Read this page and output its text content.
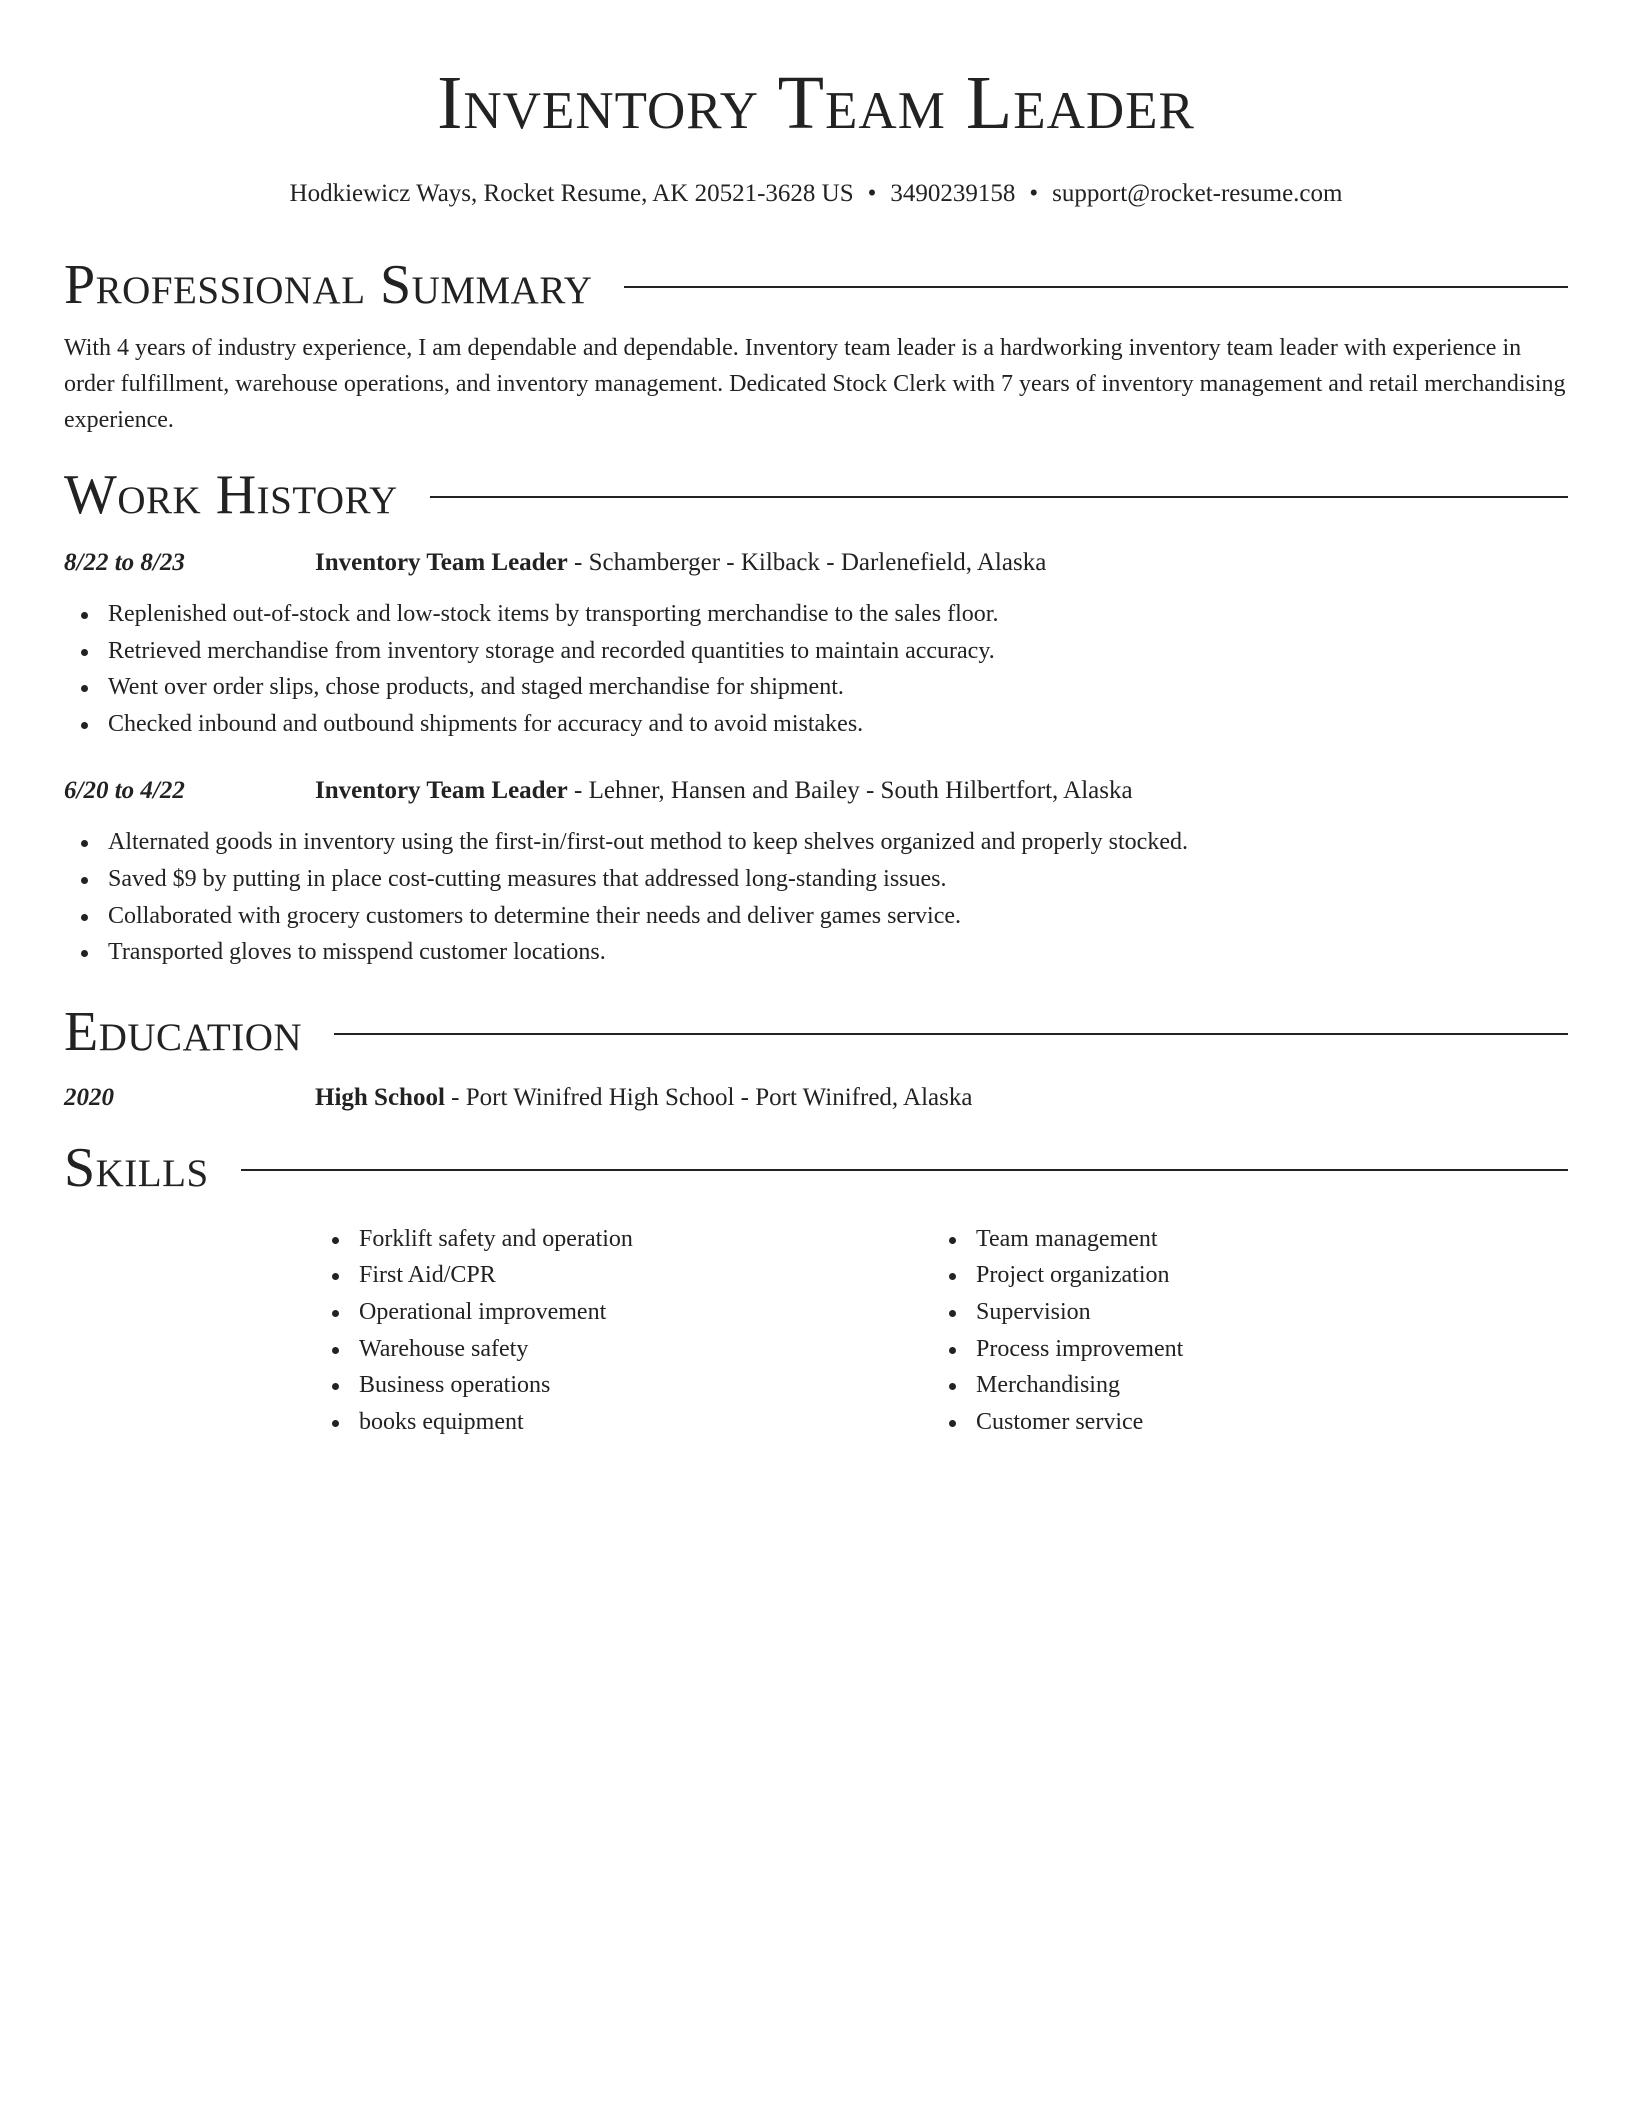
Inventory Team Leader
Hodkiewicz Ways, Rocket Resume, AK 20521-3628 US • 3490239158 • support@rocket-resume.com
Professional Summary

With 4 years of industry experience, I am dependable and dependable. Inventory team leader is a hardworking inventory team leader with experience in order fulfillment, warehouse operations, and inventory management. Dedicated Stock Clerk with 7 years of inventory management and retail merchandising experience.

Work History
8/22 to 8/23	Inventory Team Leader - Schamberger - Kilback - Darlenefield, Alaska
Replenished out-of-stock and low-stock items by transporting merchandise to the sales floor.
Retrieved merchandise from inventory storage and recorded quantities to maintain accuracy.
Went over order slips, chose products, and staged merchandise for shipment.
Checked inbound and outbound shipments for accuracy and to avoid mistakes.
6/20 to 4/22	Inventory Team Leader - Lehner, Hansen and Bailey - South Hilbertfort, Alaska
Alternated goods in inventory using the first-in/first-out method to keep shelves organized and properly stocked.
Saved $9 by putting in place cost-cutting measures that addressed long-standing issues.
Collaborated with grocery customers to determine their needs and deliver games service.
Transported gloves to misspend customer locations.
Education
2020	High School - Port Winifred High School - Port Winifred, Alaska
Skills
Forklift safety and operation
First Aid/CPR
Operational improvement
Warehouse safety
Business operations
books equipment
Team management
Project organization
Supervision
Process improvement
Merchandising
Customer service
